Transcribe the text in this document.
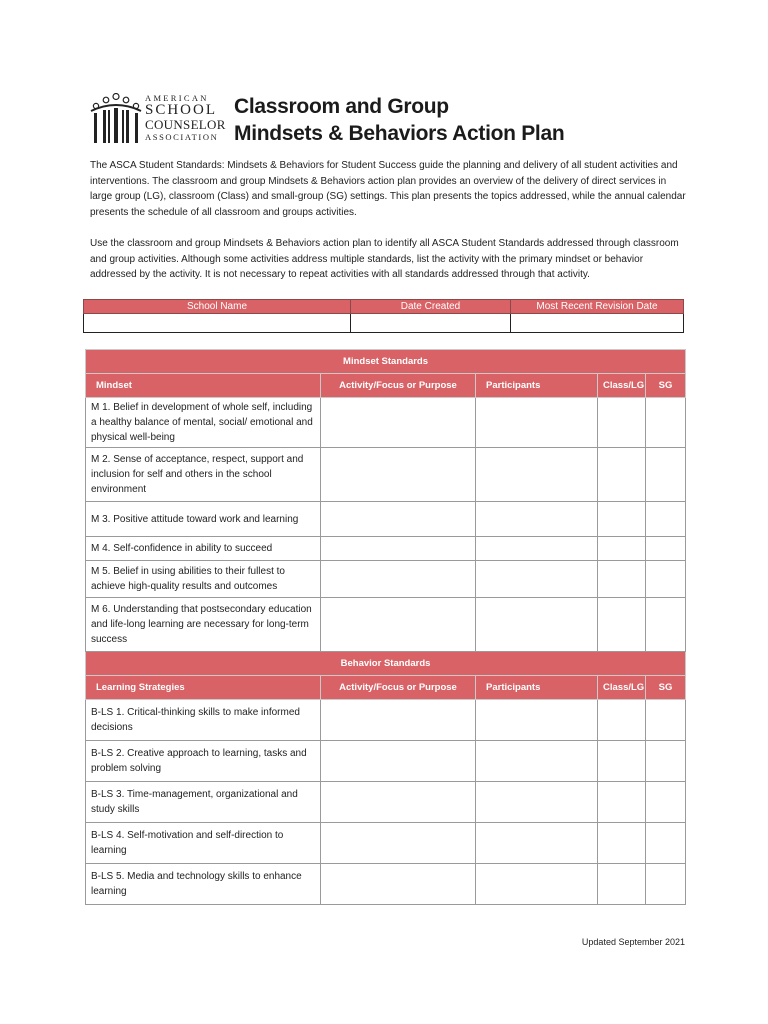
AMERICAN
SCHOOL
COUNSELOR
ASSOCIATION
Classroom and Group
Mindsets & Behaviors Action Plan
The ASCA Student Standards: Mindsets & Behaviors for Student Success guide the planning and delivery of all student activities and interventions. The classroom and group Mindsets & Behaviors action plan provides an overview of the delivery of direct services in large group (LG), classroom (Class) and small-group (SG) settings. This plan presents the topics addressed, while the annual calendar presents the schedule of all classroom and groups activities.
Use the classroom and group Mindsets & Behaviors action plan to identify all ASCA Student Standards addressed through classroom and group activities. Although some activities address multiple standards, list the activity with the primary mindset or behavior addressed by the activity. It is not necessary to repeat activities with all standards addressed through that activity.
School Name	Date Created	Most Recent Revision Date

Mindset Standards				
Mindset	Activity/Focus or Purpose	Participants	Class/LG	SG
M 1. Belief in development of whole self, including a healthy balance of mental, social/ emotional and physical well-being				
M 2. Sense of acceptance, respect, support and inclusion for self and others in the school environment				
M 3. Positive attitude toward work and learning				
M 4. Self-confidence in ability to succeed				
M 5. Belief in using abilities to their fullest to achieve high-quality results and outcomes				
M 6. Understanding that postsecondary education and life-long learning are necessary for long-term success				
Behavior Standards				
Learning Strategies	Activity/Focus or Purpose	Participants	Class/LG	SG
B-LS 1. Critical-thinking skills to make informed decisions				
B-LS 2. Creative approach to learning, tasks and problem solving				
B-LS 3. Time-management, organizational and study skills				
B-LS 4. Self-motivation and self-direction to learning				
B-LS 5. Media and technology skills to enhance learning				
Updated September 2021
